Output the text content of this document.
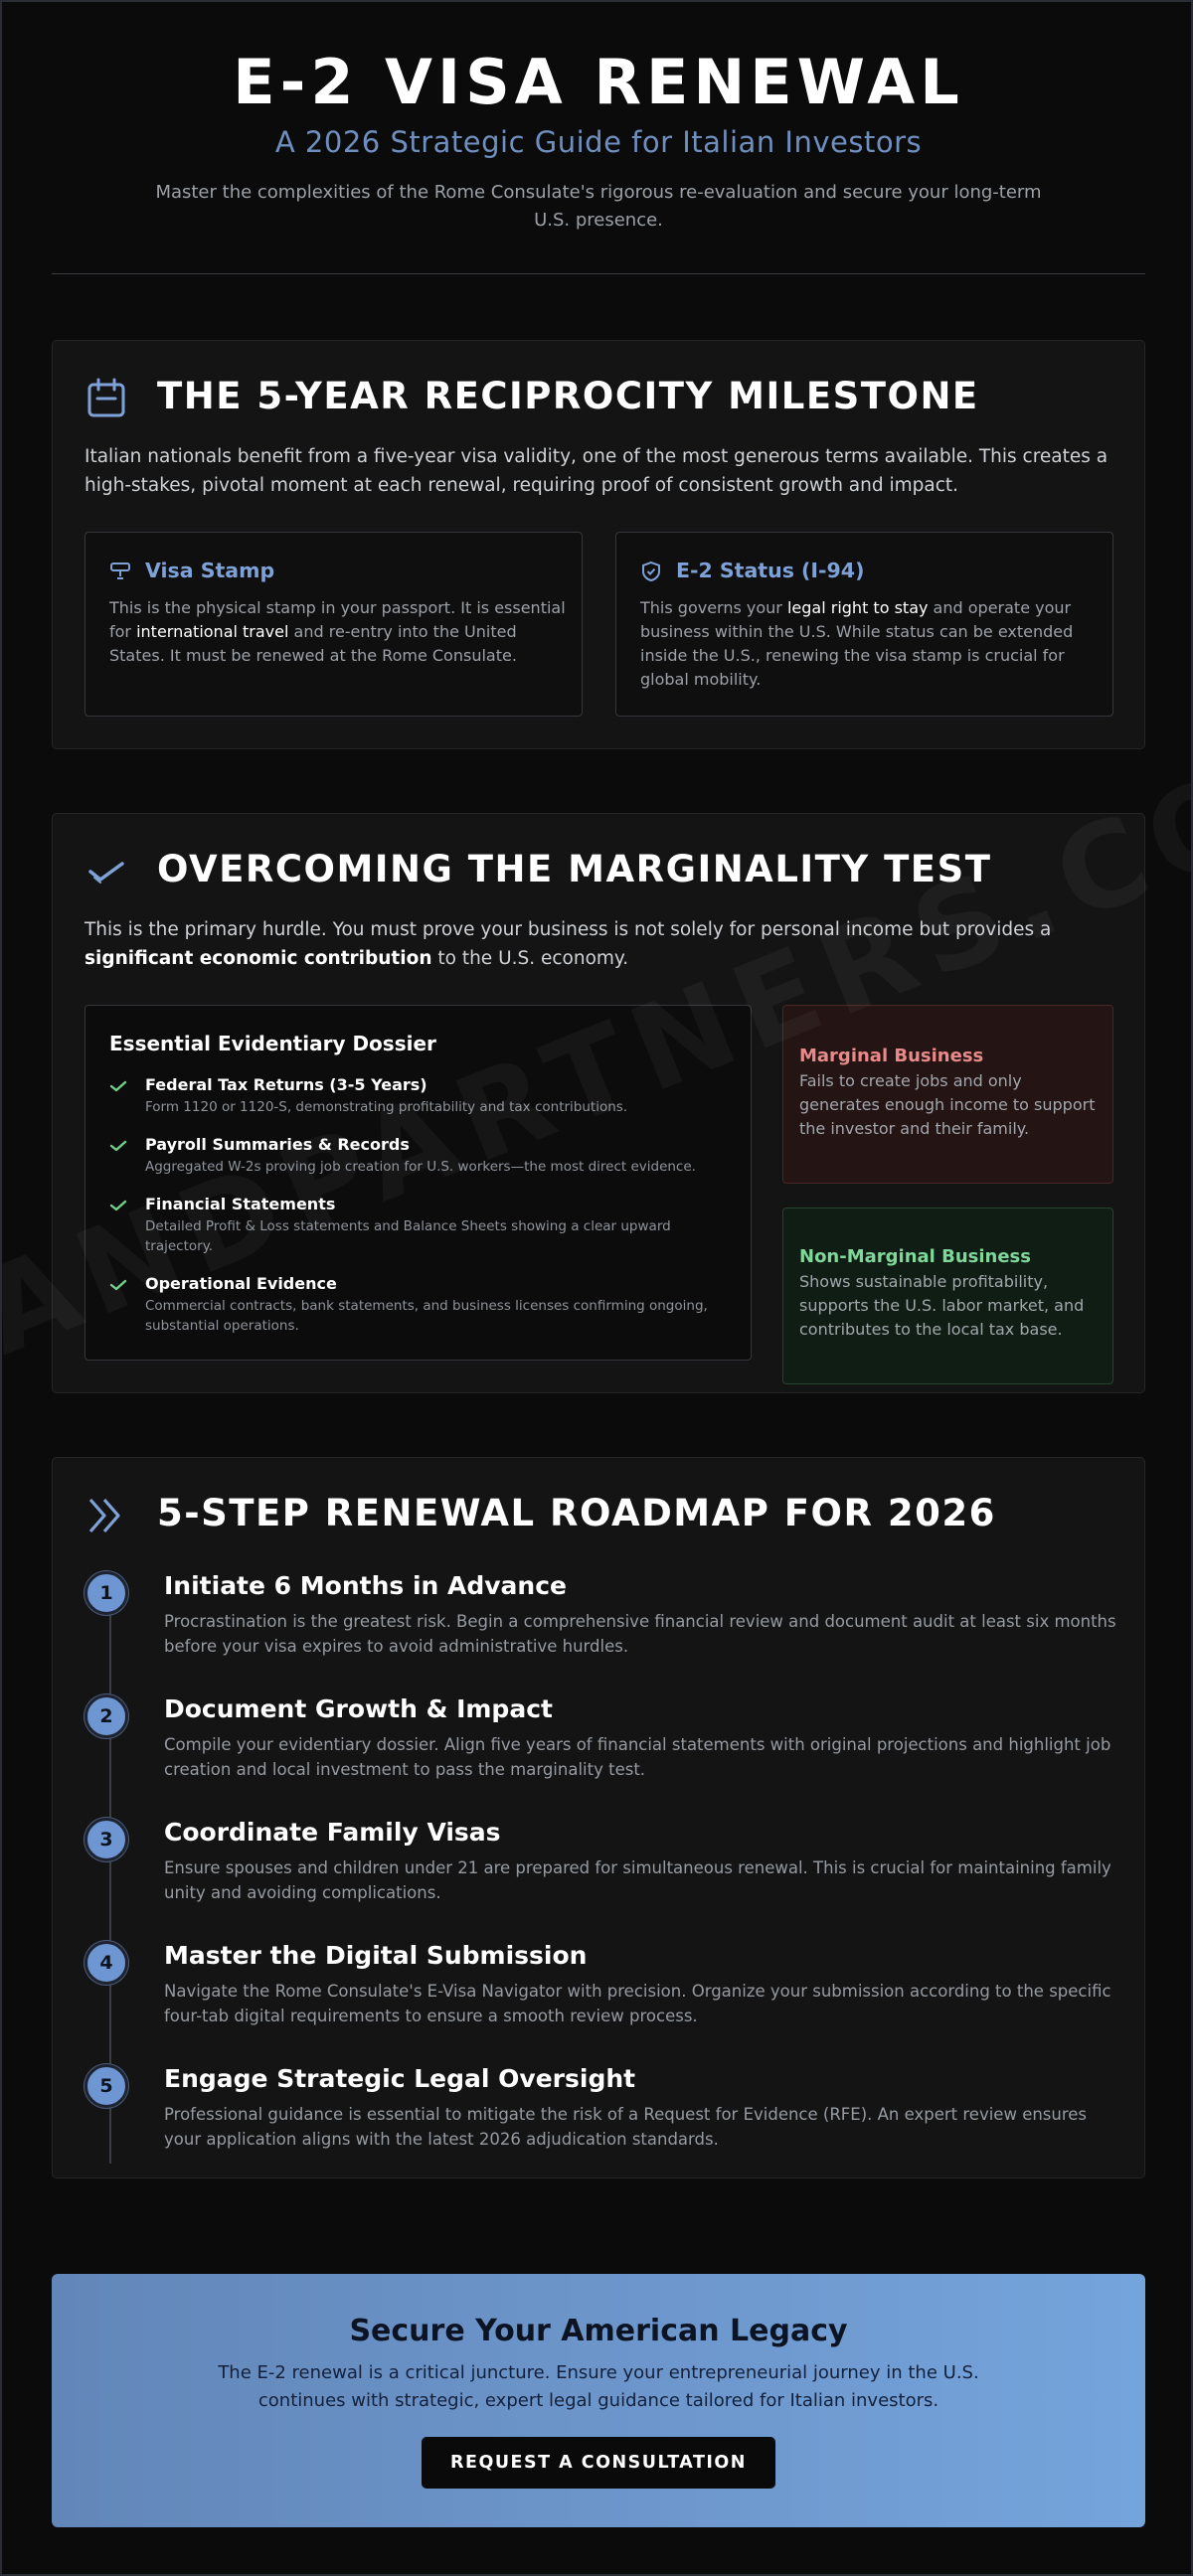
E-2 VISA RENEWAL
A 2026 Strategic Guide for Italian Investors

Master the complexities of the Rome Consulate's rigorous re-evaluation and secure your long-term U.S. presence.

THE 5-YEAR RECIPROCITY MILESTONE

Italian nationals benefit from a five-year visa validity, one of the most generous terms available. This creates a high-stakes, pivotal moment at each renewal, requiring proof of consistent growth and impact.

Visa Stamp

This is the physical stamp in your passport. It is essential for international travel and re-entry into the United States. It must be renewed at the Rome Consulate.

E-2 Status (I-94)

This governs your legal right to stay and operate your business within the U.S. While status can be extended inside the U.S., renewing the visa stamp is crucial for global mobility.

OVERCOMING THE MARGINALITY TEST

This is the primary hurdle. You must prove your business is not solely for personal income but provides a significant economic contribution to the U.S. economy.

Essential Evidentiary Dossier
Federal Tax Returns (3-5 Years)
Form 1120 or 1120-S, demonstrating profitability and tax contributions.
Payroll Summaries & Records
Aggregated W-2s proving job creation for U.S. workers—the most direct evidence.
Financial Statements
Detailed Profit & Loss statements and Balance Sheets showing a clear upward trajectory.
Operational Evidence
Commercial contracts, bank statements, and business licenses confirming ongoing, substantial operations.
Marginal Business

Fails to create jobs and only generates enough income to support the investor and their family.

Non-Marginal Business

Shows sustainable profitability, supports the U.S. labor market, and contributes to the local tax base.

5-STEP RENEWAL ROADMAP FOR 2026
1	Initiate 6 Months in Advance

Procrastination is the greatest risk. Begin a comprehensive financial review and document audit at least six months before your visa expires to avoid administrative hurdles.

2	Document Growth & Impact

Compile your evidentiary dossier. Align five years of financial statements with original projections and highlight job creation and local investment to pass the marginality test.

3	Coordinate Family Visas

Ensure spouses and children under 21 are prepared for simultaneous renewal. This is crucial for maintaining family unity and avoiding complications.

4	Master the Digital Submission

Navigate the Rome Consulate's E-Visa Navigator with precision. Organize your submission according to the specific four-tab digital requirements to ensure a smooth review process.

5	Engage Strategic Legal Oversight

Professional guidance is essential to mitigate the risk of a Request for Evidence (RFE). An expert review ensures your application aligns with the latest 2026 adjudication standards.

Secure Your American Legacy

The E-2 renewal is a critical juncture. Ensure your entrepreneurial journey in the U.S. continues with strategic, expert legal guidance tailored for Italian investors.

REQUEST A CONSULTATION
